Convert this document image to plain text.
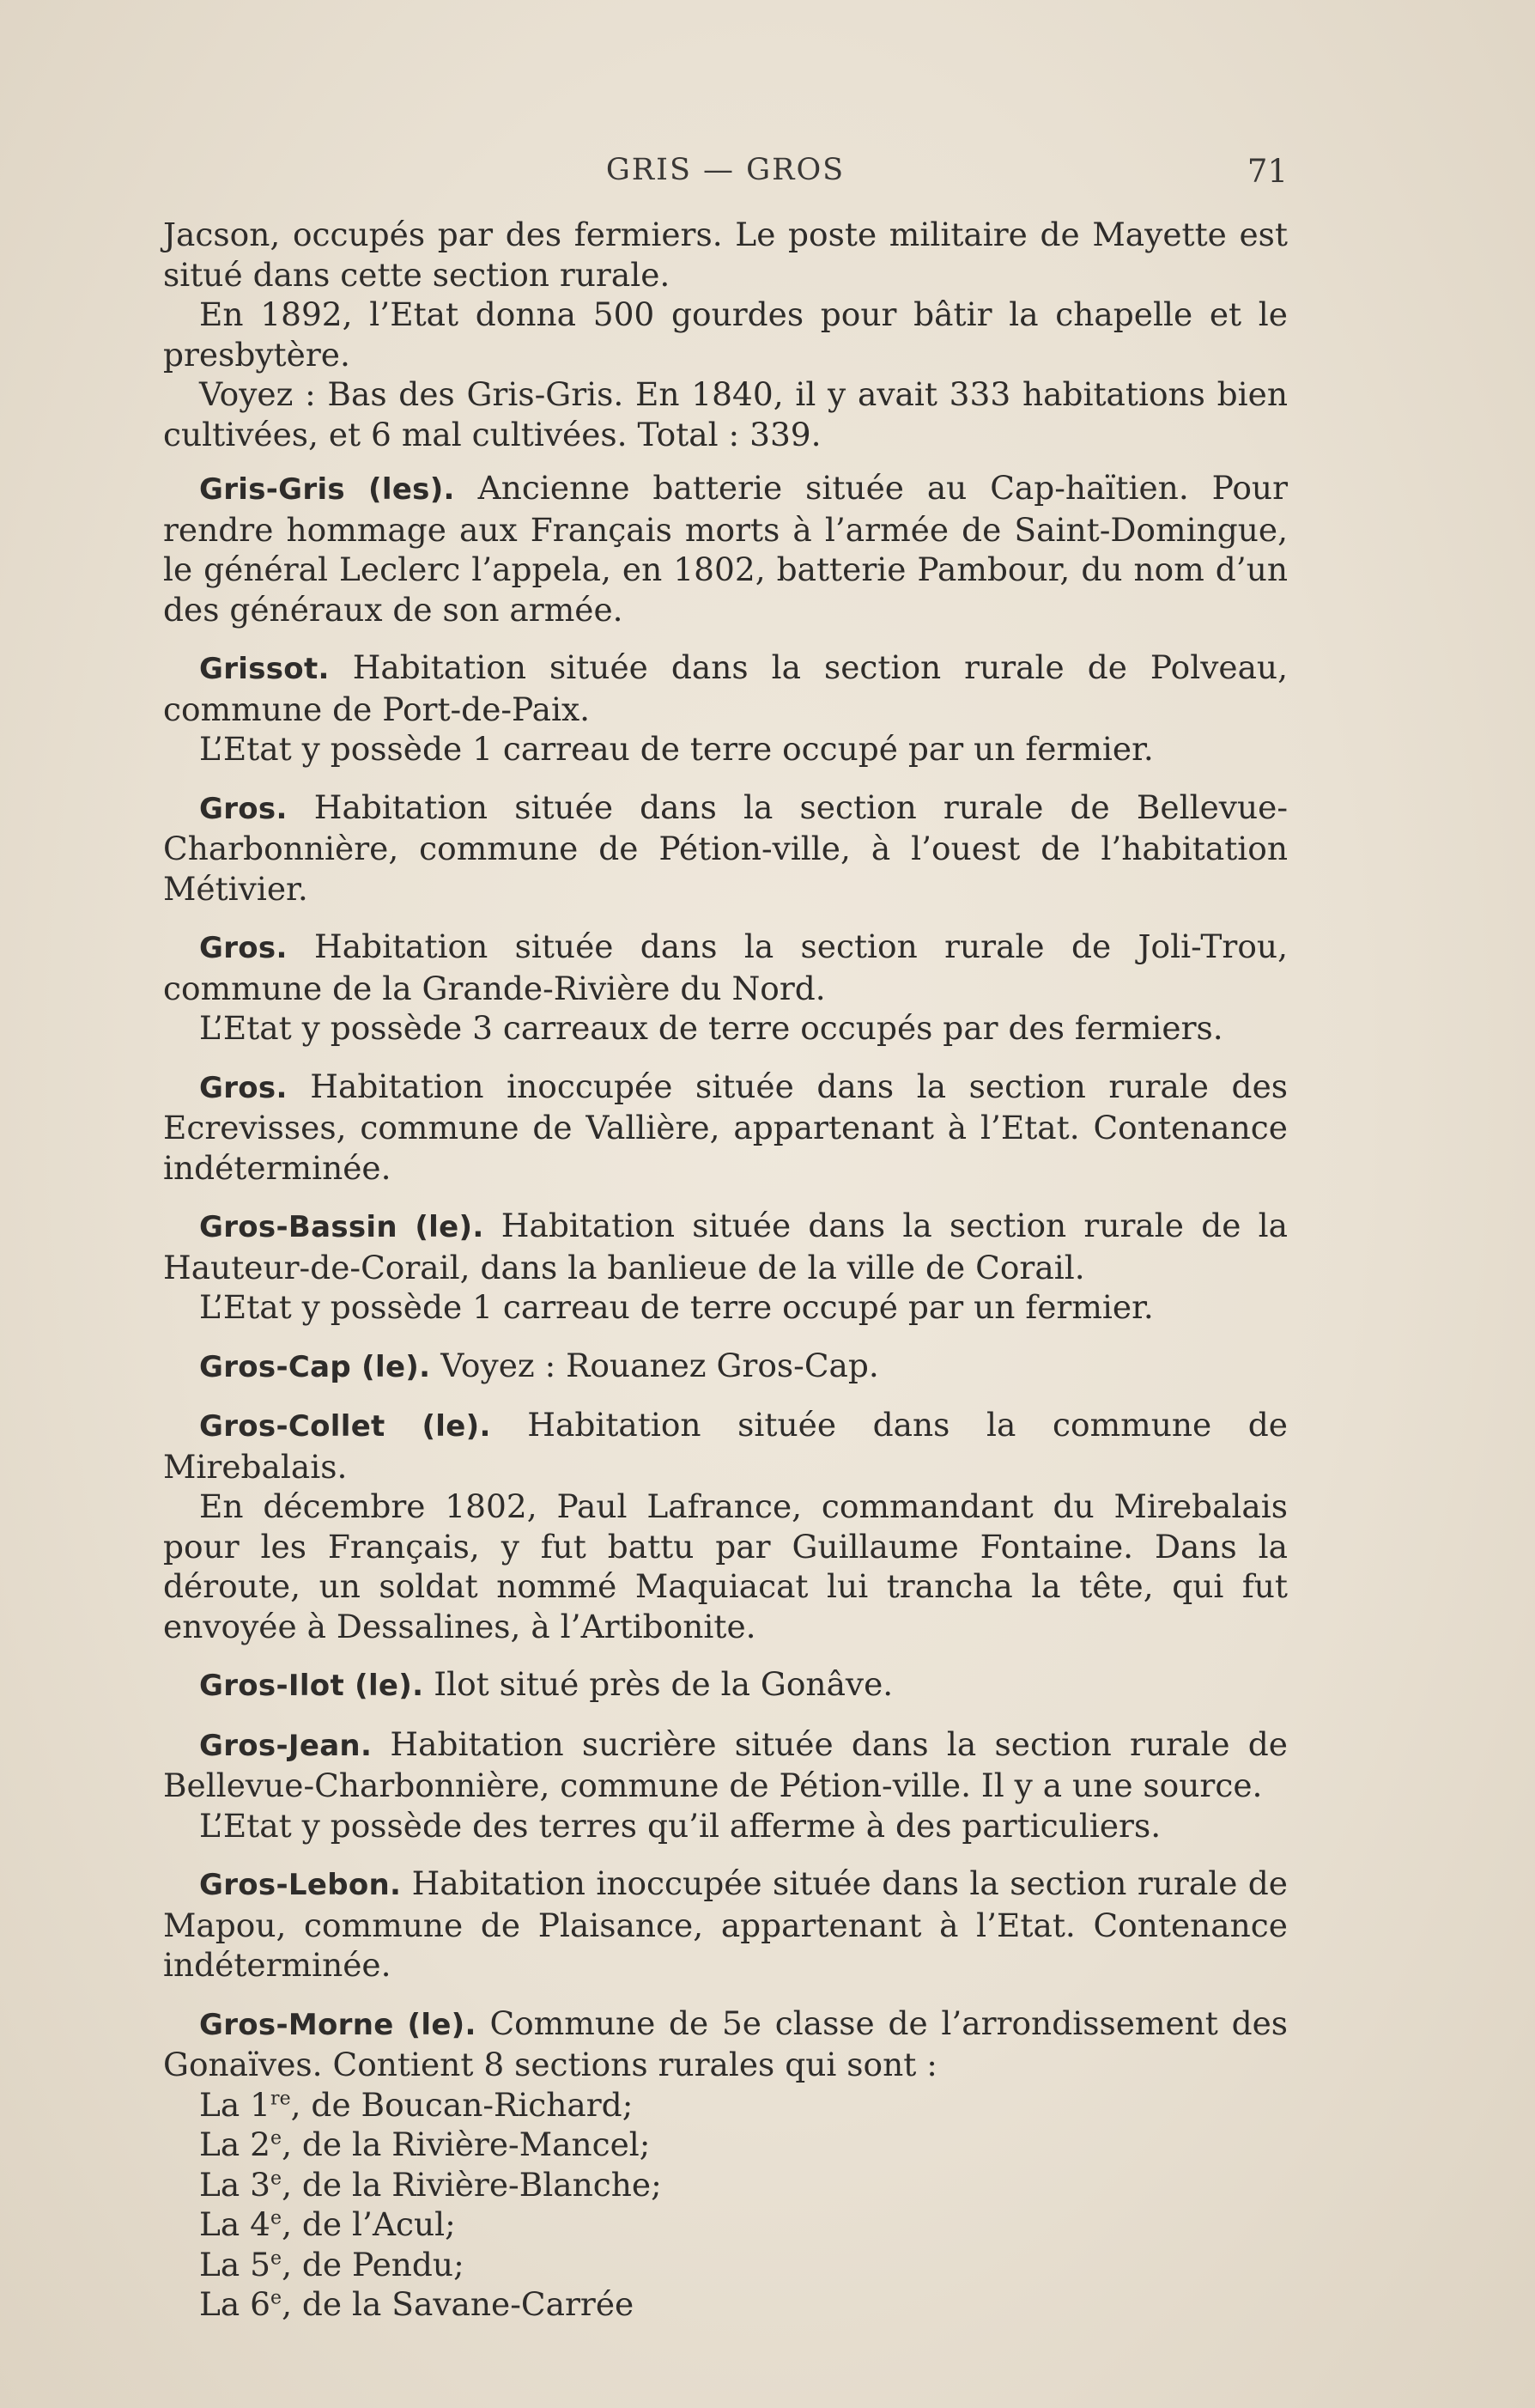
GRIS — GROS	71

Jacson, occupés par des fermiers. Le poste militaire de Mayette est situé dans cette section rurale.

En 1892, l’Etat donna 500 gourdes pour bâtir la chapelle et le presbytère.

Voyez : Bas des Gris-Gris. En 1840, il y avait 333 habitations bien cultivées, et 6 mal cultivées. Total : 339.

Gris-Gris (les). Ancienne batterie située au Cap-haïtien. Pour rendre hommage aux Français morts à l’armée de Saint-Domingue, le général Leclerc l’appela, en 1802, batterie Pambour, du nom d’un des généraux de son armée.

Grissot. Habitation située dans la section rurale de Polveau, commune de Port-de-Paix.

L’Etat y possède 1 carreau de terre occupé par un fermier.

Gros. Habitation située dans la section rurale de Bellevue-Charbonnière, commune de Pétion-ville, à l’ouest de l’habitation Métivier.

Gros. Habitation située dans la section rurale de Joli-Trou, commune de la Grande-Rivière du Nord.

L’Etat y possède 3 carreaux de terre occupés par des fermiers.

Gros. Habitation inoccupée située dans la section rurale des Ecrevisses, commune de Vallière, appartenant à l’Etat. Contenance indéterminée.

Gros-Bassin (le). Habitation située dans la section rurale de la Hauteur-de-Corail, dans la banlieue de la ville de Corail.

L’Etat y possède 1 carreau de terre occupé par un fermier.

Gros-Cap (le). Voyez : Rouanez Gros-Cap.

Gros-Collet (le). Habitation située dans la commune de Mirebalais.

En décembre 1802, Paul Lafrance, commandant du Mirebalais pour les Français, y fut battu par Guillaume Fontaine. Dans la déroute, un soldat nommé Maquiacat lui trancha la tête, qui fut envoyée à Dessalines, à l’Artibonite.

Gros-Ilot (le). Ilot situé près de la Gonâve.

Gros-Jean. Habitation sucrière située dans la section rurale de Bellevue-Charbonnière, commune de Pétion-ville. Il y a une source.

L’Etat y possède des terres qu’il afferme à des particuliers.

Gros-Lebon. Habitation inoccupée située dans la section rurale de Mapou, commune de Plaisance, appartenant à l’Etat. Contenance indéterminée.

Gros-Morne (le). Commune de 5e classe de l’arrondissement des Gonaïves. Contient 8 sections rurales qui sont :

La 1re, de Boucan-Richard;
La 2e, de la Rivière-Mancel;
La 3e, de la Rivière-Blanche;
La 4e, de l’Acul;
La 5e, de Pendu;
La 6e, de la Savane-Carrée
